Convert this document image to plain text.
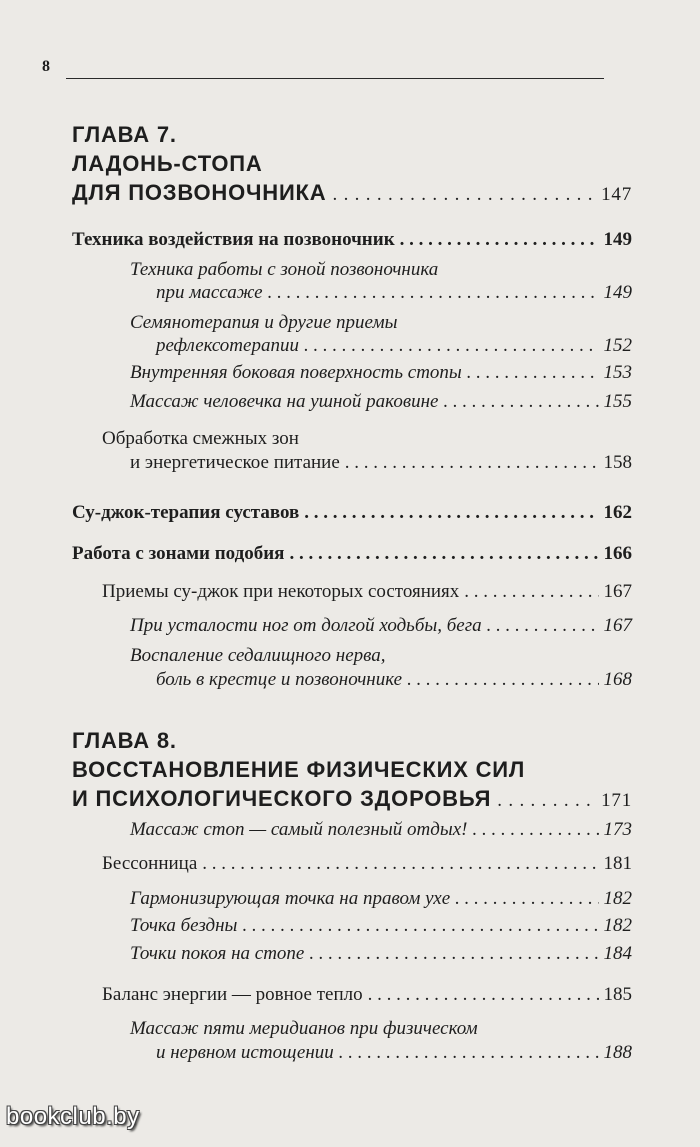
8
ГЛАВА 7.
ЛАДОНЬ-СТОПА
ДЛЯ ПОЗВОНОЧНИКА . . .	147
Техника воздействия на позвоночник . . .	149
Техника работы с зоной позвоночника
при массаже . . .	149
Семянотерапия и другие приемы
рефлексотерапии . . .	152
Внутренняя боковая поверхность стопы . . .	153
Массаж человечка на ушной раковине . . .	155
Обработка смежных зон
и энергетическое питание . . .	158
Су-джок-терапия суставов . . .	162
Работа с зонами подобия . . .	166
Приемы су-джок при некоторых состояниях . . .	167
При усталости ног от долгой ходьбы, бега . . .	167
Воспаление седалищного нерва,
боль в крестце и позвоночнике . . .	168
ГЛАВА 8.
ВОССТАНОВЛЕНИЕ ФИЗИЧЕСКИХ СИЛ
И ПСИХОЛОГИЧЕСКОГО ЗДОРОВЬЯ . . .	171
Массаж стоп — самый полезный отдых! . . .	173
Бессонница . . .	181
Гармонизирующая точка на правом ухе . . .	182
Точка бездны . . .	182
Точки покоя на стопе . . .	184
Баланс энергии — ровное тепло . . .	185
Массаж пяти меридианов при физическом
и нервном истощении . . .	188
bookclub.by
